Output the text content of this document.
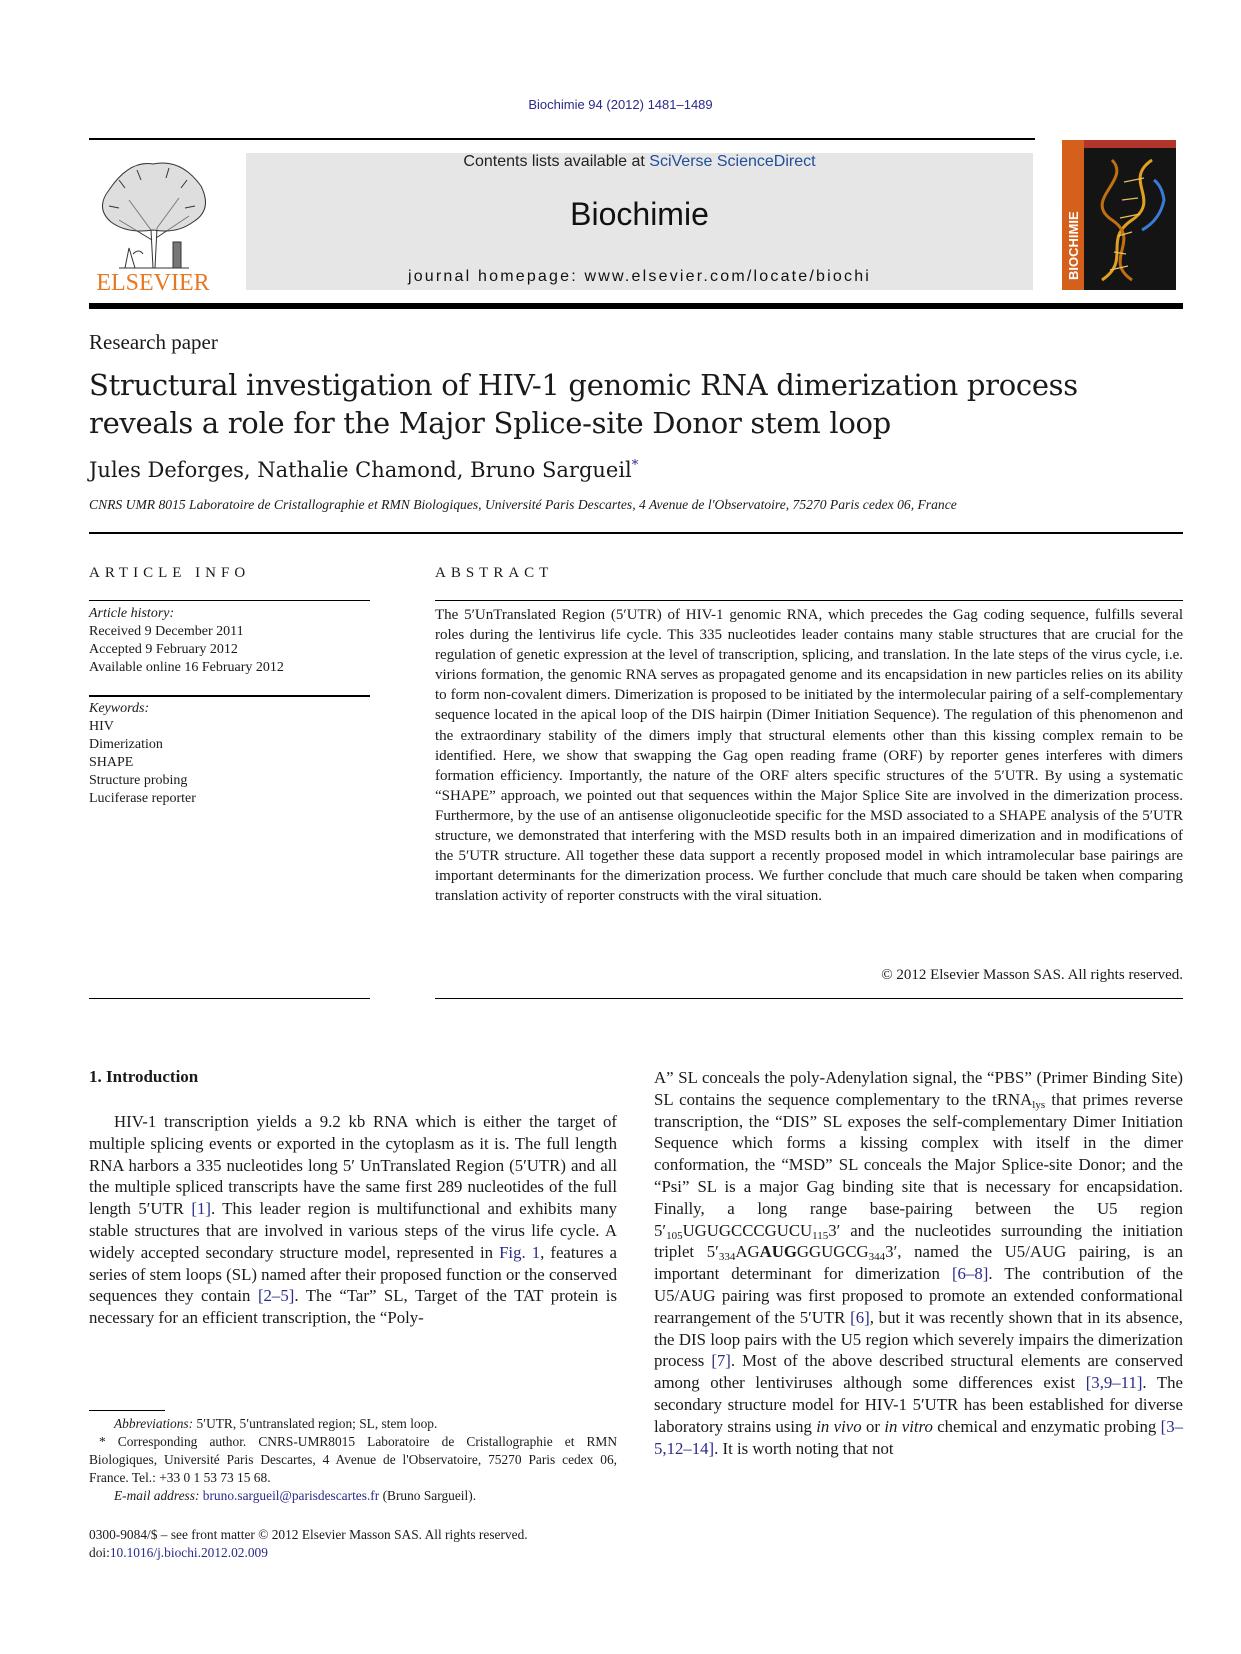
Biochimie 94 (2012) 1481–1489
ELSEVIER
Contents lists available at SciVerse ScienceDirect
Biochimie
journal homepage: www.elsevier.com/locate/biochi	BIOCHIMIE
Research paper
Structural investigation of HIV-1 genomic RNA dimerization process reveals a role for the Major Splice-site Donor stem loop
Jules Deforges, Nathalie Chamond, Bruno Sargueil*
CNRS UMR 8015 Laboratoire de Cristallographie et RMN Biologiques, Université Paris Descartes, 4 Avenue de l'Observatoire, 75270 Paris cedex 06, France
ARTICLE INFO
Article history:
Received 9 December 2011
Accepted 9 February 2012
Available online 16 February 2012
Keywords:
HIV
Dimerization
SHAPE
Structure probing
Luciferase reporter
ABSTRACT
The 5′UnTranslated Region (5′UTR) of HIV-1 genomic RNA, which precedes the Gag coding sequence, fulfills several roles during the lentivirus life cycle. This 335 nucleotides leader contains many stable structures that are crucial for the regulation of genetic expression at the level of transcription, splicing, and translation. In the late steps of the virus cycle, i.e. virions formation, the genomic RNA serves as propagated genome and its encapsidation in new particles relies on its ability to form non-covalent dimers. Dimerization is proposed to be initiated by the intermolecular pairing of a self-complementary sequence located in the apical loop of the DIS hairpin (Dimer Initiation Sequence). The regulation of this phenomenon and the extraordinary stability of the dimers imply that structural elements other than this kissing complex remain to be identified. Here, we show that swapping the Gag open reading frame (ORF) by reporter genes interferes with dimers formation efficiency. Importantly, the nature of the ORF alters specific structures of the 5′UTR. By using a systematic “SHAPE” approach, we pointed out that sequences within the Major Splice Site are involved in the dimerization process. Furthermore, by the use of an antisense oligonucleotide specific for the MSD associated to a SHAPE analysis of the 5′UTR structure, we demonstrated that interfering with the MSD results both in an impaired dimerization and in modifications of the 5′UTR structure. All together these data support a recently proposed model in which intramolecular base pairings are important determinants for the dimerization process. We further conclude that much care should be taken when comparing translation activity of reporter constructs with the viral situation.
© 2012 Elsevier Masson SAS. All rights reserved.
1. Introduction

HIV-1 transcription yields a 9.2 kb RNA which is either the target of multiple splicing events or exported in the cytoplasm as it is. The full length RNA harbors a 335 nucleotides long 5′ UnTranslated Region (5′UTR) and all the multiple spliced transcripts have the same first 289 nucleotides of the full length 5′UTR [1]. This leader region is multifunctional and exhibits many stable structures that are involved in various steps of the virus life cycle. A widely accepted secondary structure model, represented in Fig. 1, features a series of stem loops (SL) named after their proposed function or the conserved sequences they contain [2–5]. The “Tar” SL, Target of the TAT protein is necessary for an efficient transcription, the “Poly-

A” SL conceals the poly-Adenylation signal, the “PBS” (Primer Binding Site) SL contains the sequence complementary to the tRNA$_{lys}$ that primes reverse transcription, the “DIS” SL exposes the self-complementary Dimer Initiation Sequence which forms a kissing complex with itself in the dimer conformation, the “MSD” SL conceals the Major Splice-site Donor; and the “Psi” SL is a major Gag binding site that is necessary for encapsidation. Finally, a long range base-pairing between the U5 region $5'_{105}UGUGCCCGUCU_{115}3'$ and the nucleotides surrounding the initiation triplet $5'_{334}AGAUGGGUGCG_{344}3'$, named the U5/AUG pairing, is an important determinant for dimerization [6–8]. The contribution of the U5/AUG pairing was first proposed to promote an extended conformational rearrangement of the 5′UTR [6], but it was recently shown that in its absence, the DIS loop pairs with the U5 region which severely impairs the dimerization process [7]. Most of the above described structural elements are conserved among other lentiviruses although some differences exist [3,9–11]. The secondary structure model for HIV-1 5′UTR has been established for diverse laboratory strains using in vivo or in vitro chemical and enzymatic probing [3–5,12–14]. It is worth noting that not

Abbreviations: 5′UTR, 5′untranslated region; SL, stem loop.

* Corresponding author. CNRS-UMR8015 Laboratoire de Cristallographie et RMN Biologiques, Université Paris Descartes, 4 Avenue de l'Observatoire, 75270 Paris cedex 06, France. Tel.: +33 0 1 53 73 15 68.

E-mail address: bruno.sargueil@parisdescartes.fr (Bruno Sargueil).

0300-9084/$ – see front matter © 2012 Elsevier Masson SAS. All rights reserved.
doi:10.1016/j.biochi.2012.02.009
